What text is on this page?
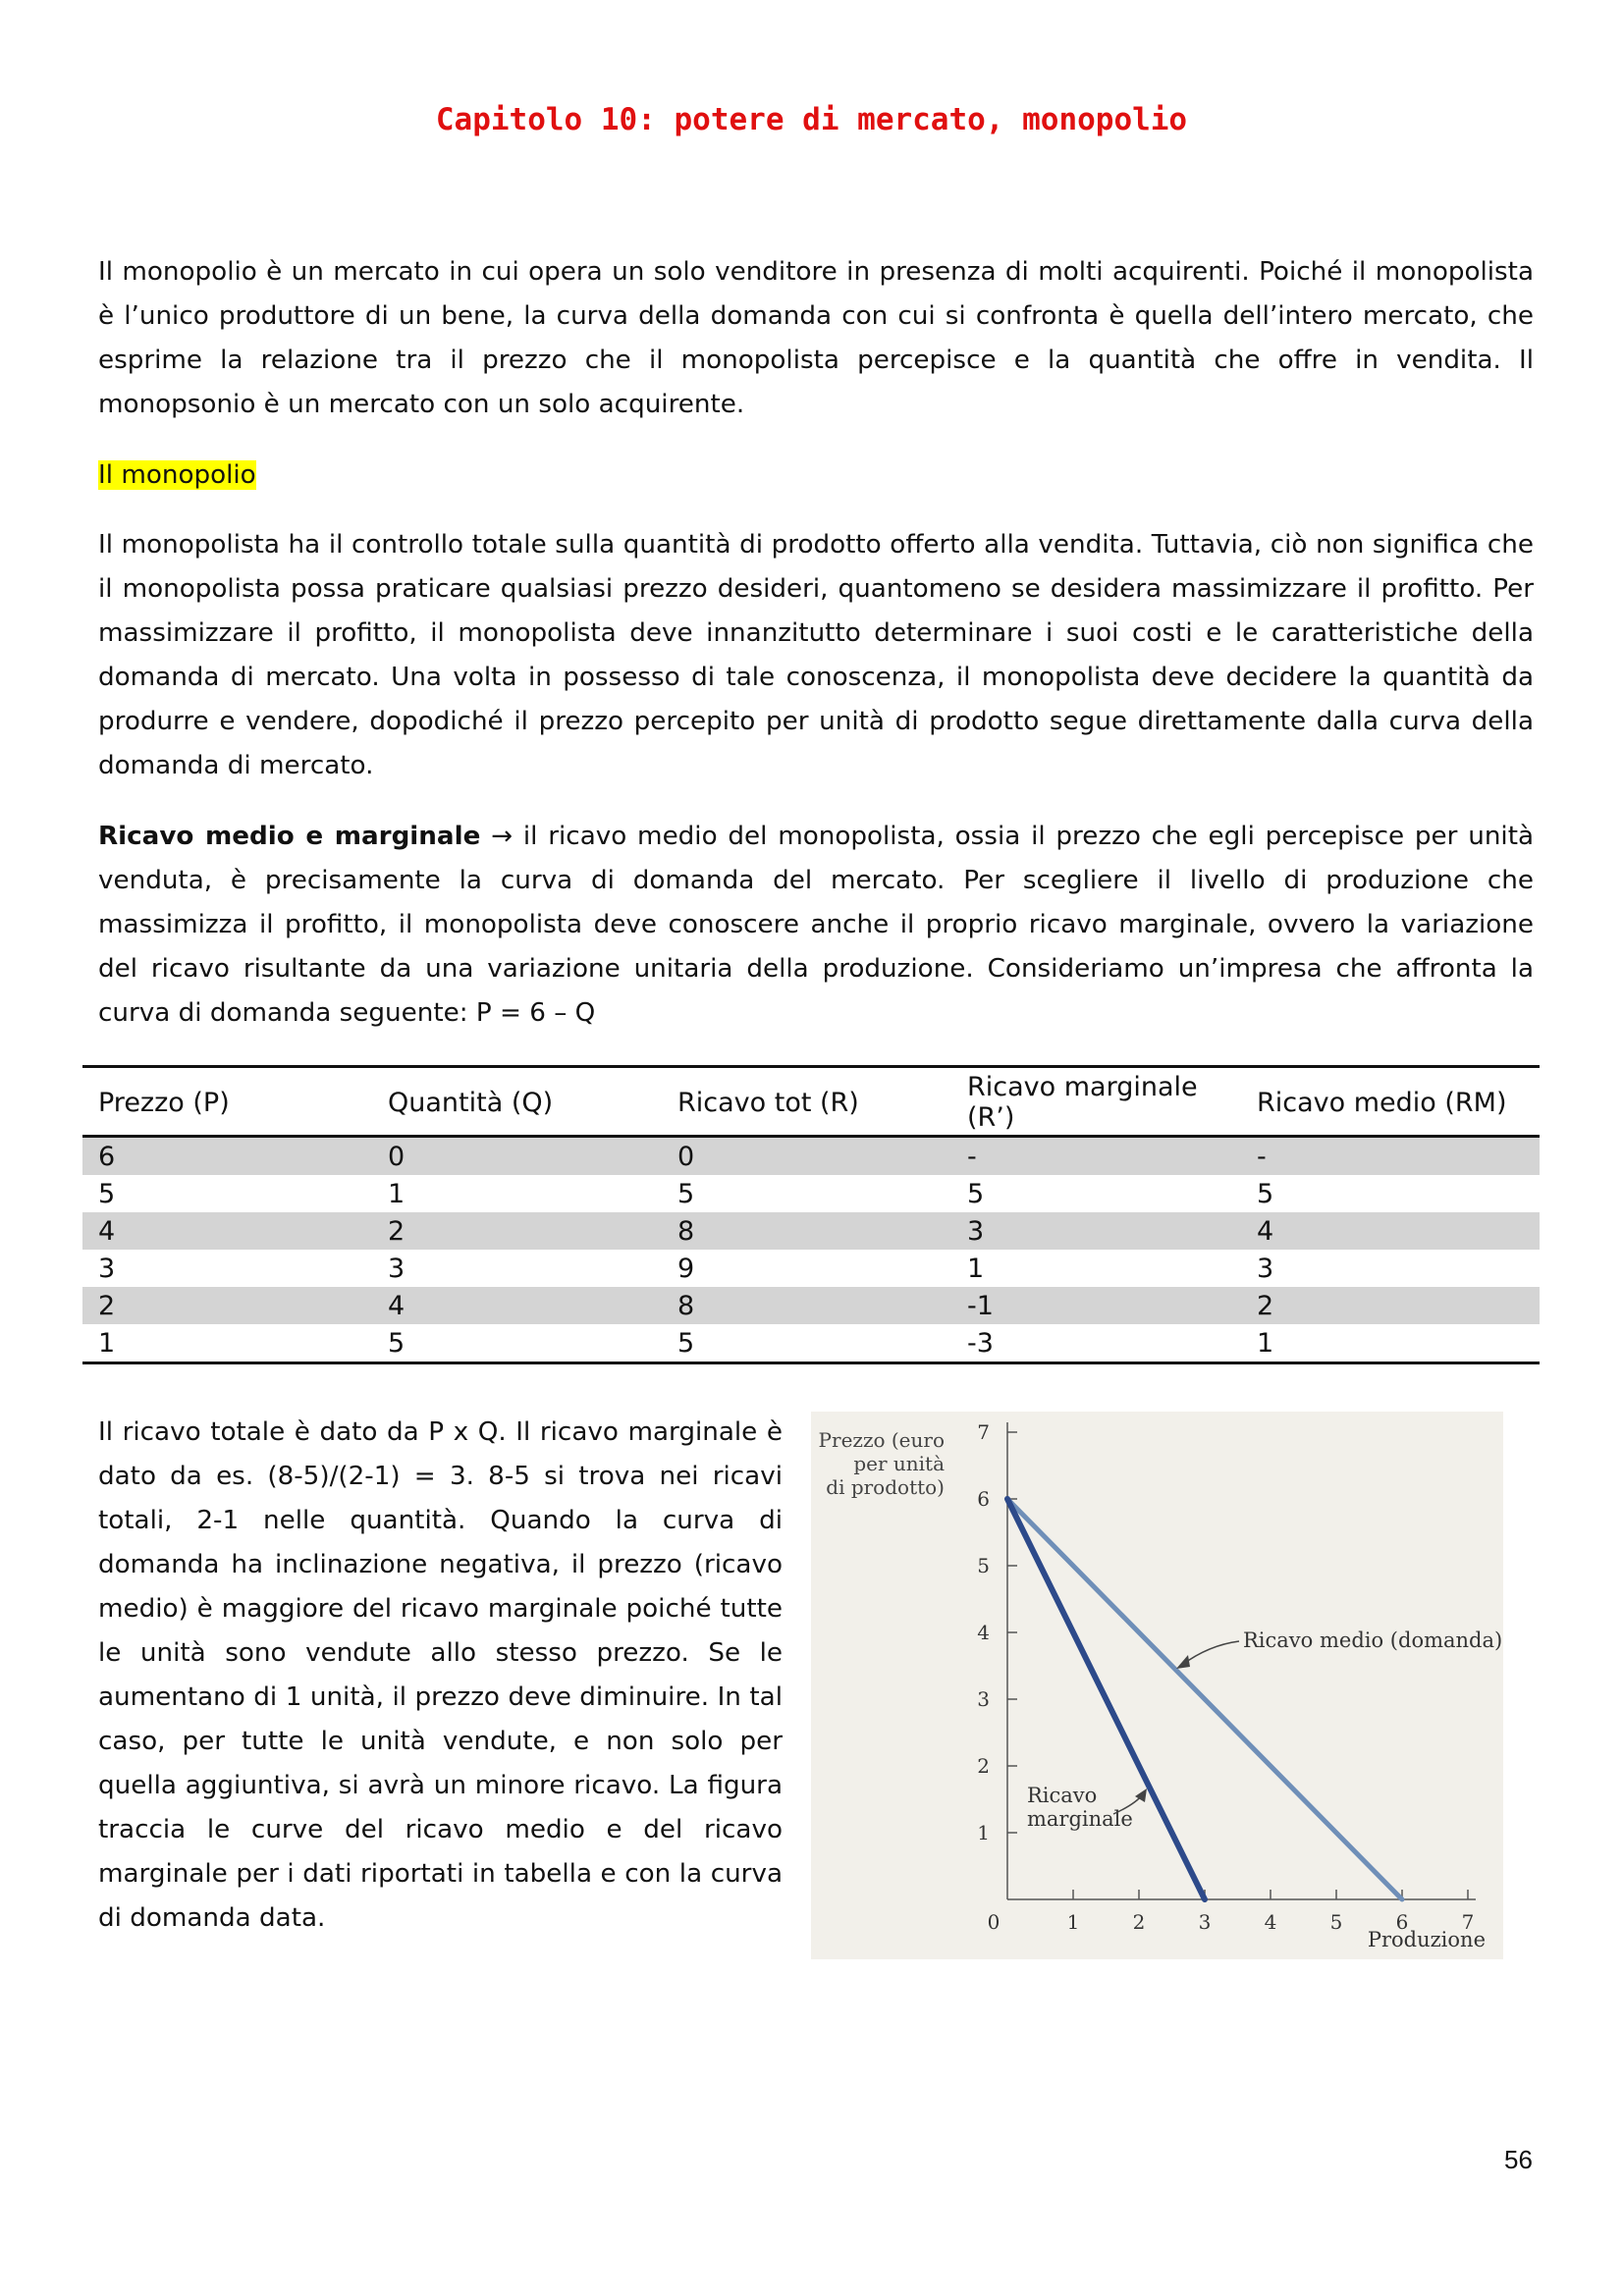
Capitolo 10: potere di mercato, monopolio

Il monopolio è un mercato in cui opera un solo venditore in presenza di molti acquirenti. Poiché il monopolista è l’unico produttore di un bene, la curva della domanda con cui si confronta è quella dell’intero mercato, che esprime la relazione tra il prezzo che il monopolista percepisce e la quantità che offre in vendita. Il monopsonio è un mercato con un solo acquirente.

Il monopolio

Il monopolista ha il controllo totale sulla quantità di prodotto offerto alla vendita. Tuttavia, ciò non significa che il monopolista possa praticare qualsiasi prezzo desideri, quantomeno se desidera massimizzare il profitto. Per massimizzare il profitto, il monopolista deve innanzitutto determinare i suoi costi e le caratteristiche della domanda di mercato. Una volta in possesso di tale conoscenza, il monopolista deve decidere la quantità da produrre e vendere, dopodiché il prezzo percepito per unità di prodotto segue direttamente dalla curva della domanda di mercato.

Ricavo medio e marginale → il ricavo medio del monopolista, ossia il prezzo che egli percepisce per unità venduta, è precisamente la curva di domanda del mercato. Per scegliere il livello di produzione che massimizza il profitto, il monopolista deve conoscere anche il proprio ricavo marginale, ovvero la variazione del ricavo risultante da una variazione unitaria della produzione. Consideriamo un’impresa che affronta la curva di domanda seguente: P = 6 – Q

Prezzo (P)	Quantità (Q)	Ricavo tot (R)	Ricavo marginale (R’)	Ricavo medio (RM)
6	0	0	-	-
5	1	5	5	5
4	2	8	3	4
3	3	9	1	3
2	4	8	-1	2
1	5	5	-3	1

Il ricavo totale è dato da P x Q. Il ricavo marginale è dato da es. (8-5)/(2-1) = 3. 8-5 si trova nei ricavi totali, 2-1 nelle quantità. Quando la curva di domanda ha inclinazione negativa, il prezzo (ricavo medio) è maggiore del ricavo marginale poiché tutte le unità sono vendute allo stesso prezzo. Se le aumentano di 1 unità, il prezzo deve diminuire. In tal caso, per tutte le unità vendute, e non solo per quella aggiuntiva, si avrà un minore ricavo. La figura traccia le curve del ricavo medio e del ricavo marginale per i dati riportati in tabella e con la curva di domanda data.

1
2
3
4
5
6
7
0	1	2	3	4	5	6	7
Prezzo (euro per unità di prodotto)
Produzione
Ricavo medio (domanda)
Ricavo marginale
56
